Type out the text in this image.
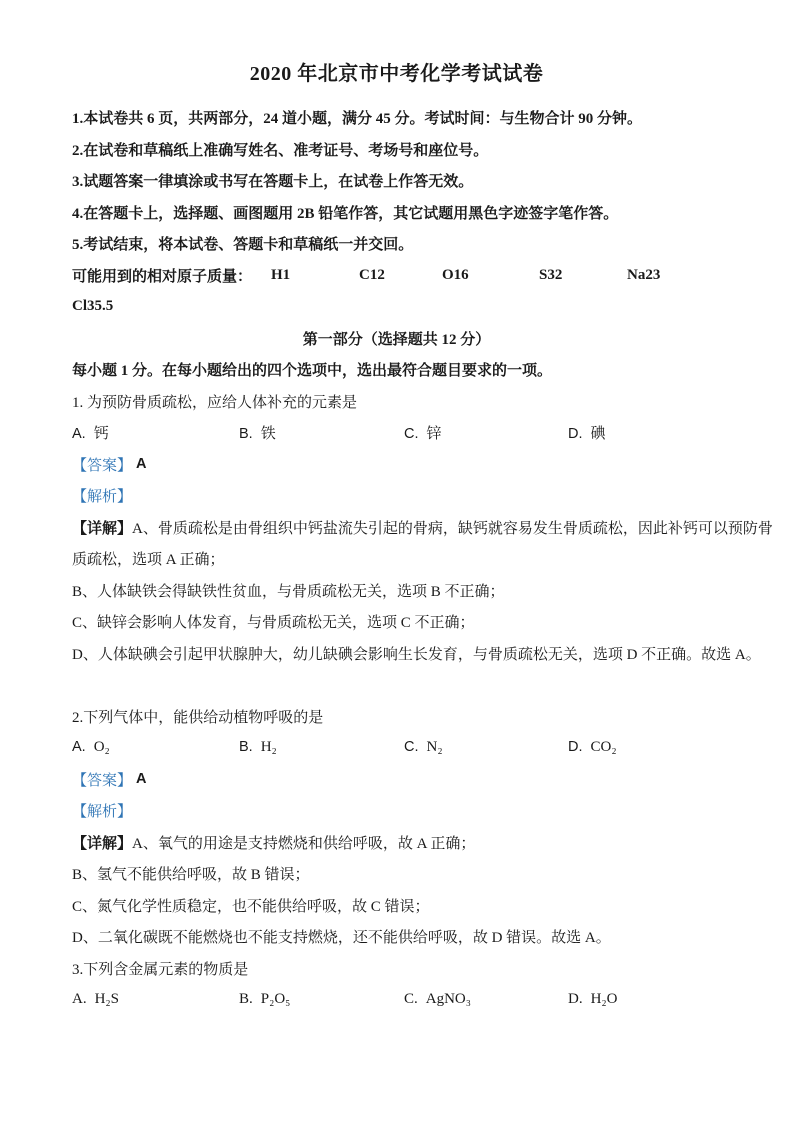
2020 年北京市中考化学考试试卷
1.本试卷共 6 页，共两部分，24 道小题，满分 45 分。考试时间：与生物合计 90 分钟。
2.在试卷和草稿纸上准确写姓名、准考证号、考场号和座位号。
3.试题答案一律填涂或书写在答题卡上，在试卷上作答无效。
4.在答题卡上，选择题、画图题用 2B 铅笔作答，其它试题用黑色字迹签字笔作答。
5.考试结束，将本试卷、答题卡和草稿纸一并交回。
可能用到的相对原子质量：	H1	C12	O16	S32	Na23
Cl35.5
第一部分（选择题共 12 分）
每小题 1 分。在每小题给出的四个选项中，选出最符合题目要求的一项。
1. 为预防骨质疏松，应给人体补充的元素是
A. 钙	B. 铁	C. 锌	D. 碘
【答案】 A
【解析】
【详解】 A、骨质疏松是由骨组织中钙盐流失引起的骨病，缺钙就容易发生骨质疏松，因此补钙可以预防骨
质疏松，选项 A 正确；
B、人体缺铁会得缺铁性贫血，与骨质疏松无关，选项 B 不正确；
C、缺锌会影响人体发育，与骨质疏松无关，选项 C 不正确；
D、人体缺碘会引起甲状腺肿大，幼儿缺碘会影响生长发育，与骨质疏松无关，选项 D 不正确。故选 A。
2.下列气体中，能供给动植物呼吸的是
A. O₂	B. H₂	C. N₂	D. CO₂
【答案】 A
【解析】
【详解】 A、氧气的用途是支持燃烧和供给呼吸，故 A 正确；
B、氢气不能供给呼吸，故 B 错误；
C、氮气化学性质稳定，也不能供给呼吸，故 C 错误；
D、二氧化碳既不能燃烧也不能支持燃烧，还不能供给呼吸，故 D 错误。故选 A。
3.下列含金属元素的物质是
A. H₂S	B. P₂O₅	C. AgNO₃	D. H₂O
